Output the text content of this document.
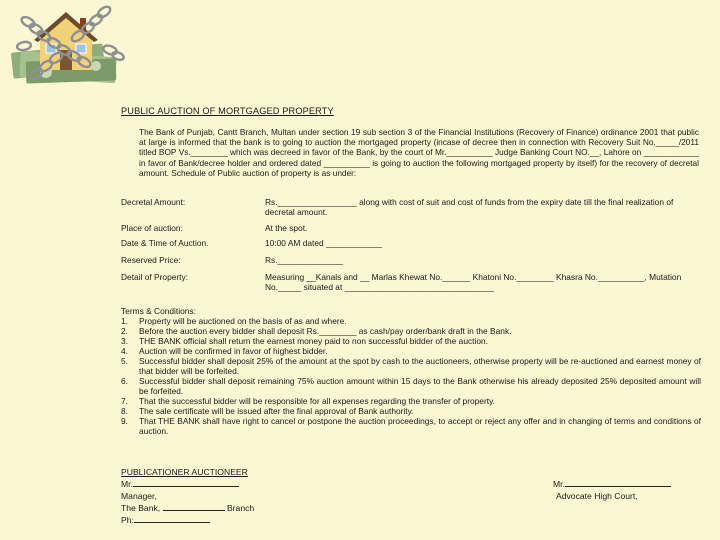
PUBLIC AUCTION OF MORTGAGED PROPERTY
The Bank of Punjab, Cantt Branch, Multan under section 19 sub section 3 of the Financial Institutions (Recovery of Finance) ordinance 2001 that public at large is informed that the bank is to going to auction the mortgaged property (incase of decree then in connection with Recovery Suit No._____/2011 titled BOP Vs.________ which was decreed in favor of the Bank, by the court of Mr.__________ Judge Banking Court NO.__, Lahore on ____________ in favor of Bank/decree holder and ordered dated __________ is going to auction the following mortgaged property by itself) for the recovery of decretal amount. Schedule of Public auction of property is as under:
Decretal Amount:	Rs._________________ along with cost of suit and cost of funds from the expiry date till the final realization of decretal amount.
Place of auction:	At the spot.
Date & Time of Auction.	10:00 AM dated ____________
Reserved Price:	Rs.______________
Detail of Property:	Measuring __Kanals and __ Marlas Khewat No.______ Khatoni No.________ Khasra No.__________, Mutation No._____ situated at ________________________________
Terms & Conditions:
1. Property will be auctioned on the basis of as and where.
2. Before the auction every bidder shall deposit Rs.________ as cash/pay order/bank draft in the Bank.
3. THE BANK official shall return the earnest money paid to non successful bidder of the auction.
4. Auction will be confirmed in favor of highest bidder.
5. Successful bidder shall deposit 25% of the amount at the spot by cash to the auctioneers, otherwise property will be re-auctioned and earnest money of that bidder will be forfeited.
6. Successful bidder shall deposit remaining 75% auction amount within 15 days to the Bank otherwise his already deposited 25% deposited amount will be forfeited.
7. That the successful bidder will be responsible for all expenses regarding the transfer of property.
8. The sale certificate will be issued after the final approval of Bank authority.
9. That THE BANK shall have right to cancel or postpone the auction proceedings, to accept or reject any offer and in changing of terms and conditions of auction.
PUBLICATIONER AUCTIONEER
Mr.
Manager,
The Bank,	Branch
Ph:
Mr.
Advocate High Court,
